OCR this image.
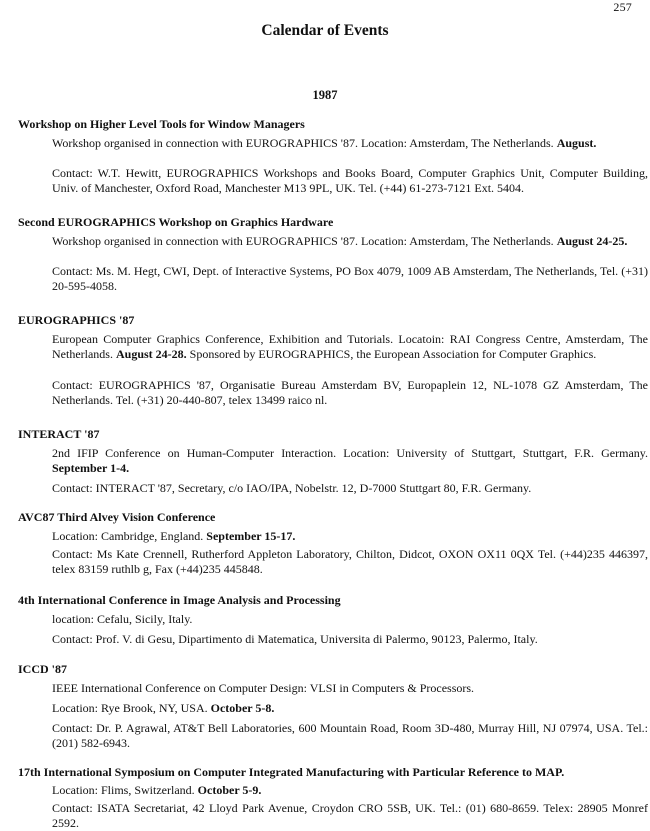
257
Calendar of Events
1987
Workshop on Higher Level Tools for Window Managers
Workshop organised in connection with EUROGRAPHICS '87. Location: Amsterdam, The Netherlands. August.
Contact: W.T. Hewitt, EUROGRAPHICS Workshops and Books Board, Computer Graphics Unit, Computer Building, Univ. of Manchester, Oxford Road, Manchester M13 9PL, UK. Tel. (+44) 61-273-7121 Ext. 5404.
Second EUROGRAPHICS Workshop on Graphics Hardware
Workshop organised in connection with EUROGRAPHICS '87. Location: Amsterdam, The Netherlands. August 24-25.
Contact: Ms. M. Hegt, CWI, Dept. of Interactive Systems, PO Box 4079, 1009 AB Amsterdam, The Netherlands, Tel. (+31) 20-595-4058.
EUROGRAPHICS '87
European Computer Graphics Conference, Exhibition and Tutorials. Locatoin: RAI Congress Centre, Amsterdam, The Netherlands. August 24-28. Sponsored by EUROGRAPHICS, the European Association for Computer Graphics.
Contact: EUROGRAPHICS '87, Organisatie Bureau Amsterdam BV, Europaplein 12, NL-1078 GZ Amsterdam, The Netherlands. Tel. (+31) 20-440-807, telex 13499 raico nl.
INTERACT '87
2nd IFIP Conference on Human-Computer Interaction. Location: University of Stuttgart, Stuttgart, F.R. Germany. September 1-4.
Contact: INTERACT '87, Secretary, c/o IAO/IPA, Nobelstr. 12, D-7000 Stuttgart 80, F.R. Germany.
AVC87 Third Alvey Vision Conference
Location: Cambridge, England. September 15-17.
Contact: Ms Kate Crennell, Rutherford Appleton Laboratory, Chilton, Didcot, OXON OX11 0QX Tel. (+44)235 446397, telex 83159 ruthlb g, Fax (+44)235 445848.
4th International Conference in Image Analysis and Processing
location: Cefalu, Sicily, Italy.
Contact: Prof. V. di Gesu, Dipartimento di Matematica, Universita di Palermo, 90123, Palermo, Italy.
ICCD '87
IEEE International Conference on Computer Design: VLSI in Computers & Processors.
Location: Rye Brook, NY, USA. October 5-8.
Contact: Dr. P. Agrawal, AT&T Bell Laboratories, 600 Mountain Road, Room 3D-480, Murray Hill, NJ 07974, USA. Tel.: (201) 582-6943.
17th International Symposium on Computer Integrated Manufacturing with Particular Reference to MAP.
Location: Flims, Switzerland. October 5-9.
Contact: ISATA Secretariat, 42 Lloyd Park Avenue, Croydon CRO 5SB, UK. Tel.: (01) 680-8659. Telex: 28905 Monref 2592.
